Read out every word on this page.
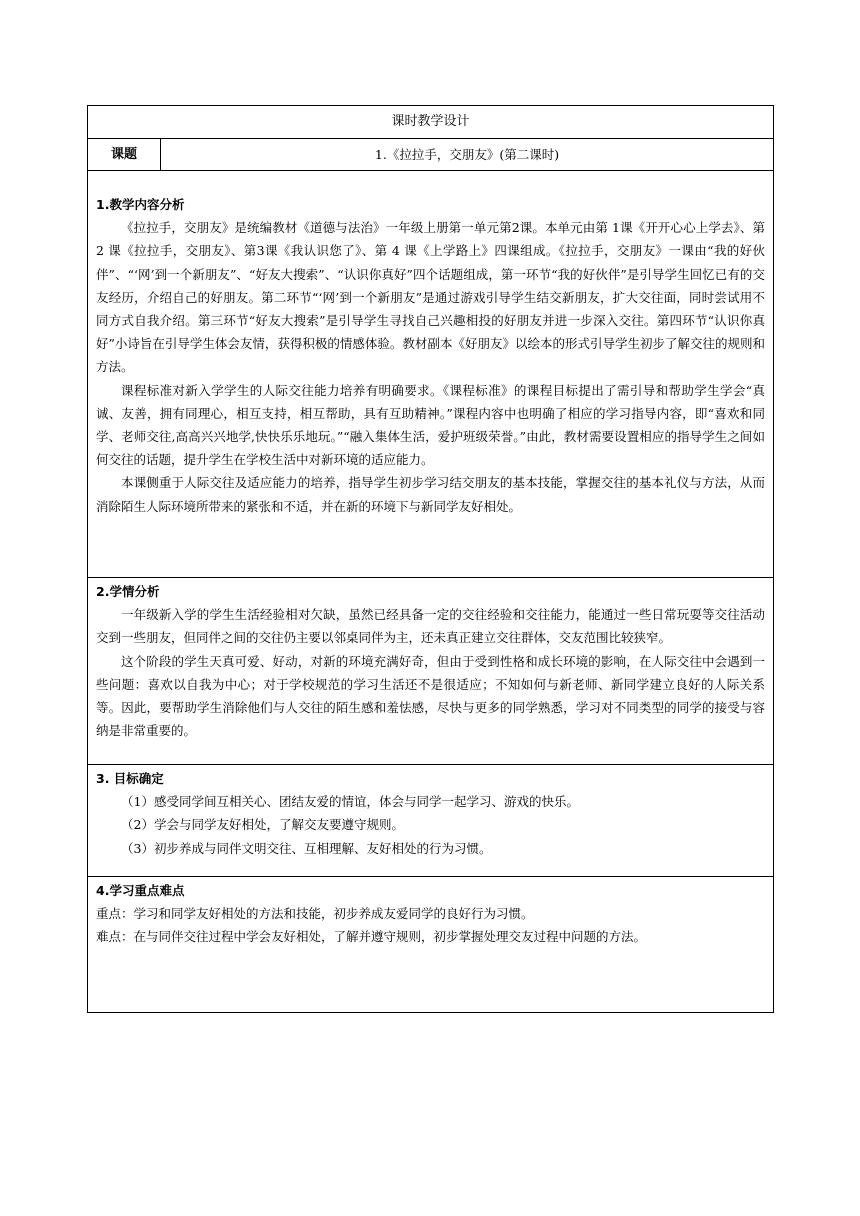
课时教学设计
课题	1.《拉拉手，交朋友》(第二课时)
1.教学内容分析

《拉拉手，交朋友》是统编教材《道德与法治》一年级上册第一单元第2课。本单元由第 1课《开开心心上学去》、第 2 课《拉拉手，交朋友》、第3课《我认识您了》、第 4 课《上学路上》四课组成。《拉拉手，交朋友》一课由“我的好伙伴”、“‘网’到一个新朋友”、“好友大搜索”、“认识你真好”四个话题组成，第一环节“我的好伙伴”是引导学生回忆已有的交友经历，介绍自己的好朋友。第二环节“‘网’到一个新朋友”是通过游戏引导学生结交新朋友，扩大交往面，同时尝试用不同方式自我介绍。第三环节“好友大搜索”是引导学生寻找自己兴趣相投的好朋友并进一步深入交往。第四环节“认识你真好”小诗旨在引导学生体会友情，获得积极的情感体验。教材副本《好朋友》以绘本的形式引导学生初步了解交往的规则和方法。

课程标准对新入学学生的人际交往能力培养有明确要求。《课程标准》的课程目标提出了需引导和帮助学生学会“真诚、友善，拥有同理心，相互支持，相互帮助，具有互助精神。”课程内容中也明确了相应的学习指导内容，即“喜欢和同学、老师交往,高高兴兴地学,快快乐乐地玩。”“融入集体生活，爱护班级荣誉。”由此，教材需要设置相应的指导学生之间如何交往的话题，提升学生在学校生活中对新环境的适应能力。

本课侧重于人际交往及适应能力的培养，指导学生初步学习结交朋友的基本技能，掌握交往的基本礼仪与方法，从而消除陌生人际环境所带来的紧张和不适，并在新的环境下与新同学友好相处。

2.学情分析

一年级新入学的学生生活经验相对欠缺，虽然已经具备一定的交往经验和交往能力，能通过一些日常玩耍等交往活动交到一些朋友，但同伴之间的交往仍主要以邻桌同伴为主，还未真正建立交往群体，交友范围比较狭窄。

这个阶段的学生天真可爱、好动，对新的环境充满好奇，但由于受到性格和成长环境的影响，在人际交往中会遇到一些问题：喜欢以自我为中心；对于学校规范的学习生活还不是很适应；不知如何与新老师、新同学建立良好的人际关系等。因此，要帮助学生消除他们与人交往的陌生感和羞怯感，尽快与更多的同学熟悉，学习对不同类型的同学的接受与容纳是非常重要的。

3. 目标确定

（1）感受同学间互相关心、团结友爱的情谊，体会与同学一起学习、游戏的快乐。

（2）学会与同学友好相处，了解交友要遵守规则。

（3）初步养成与同伴文明交往、互相理解、友好相处的行为习惯。

4.学习重点难点

重点：学习和同学友好相处的方法和技能，初步养成友爱同学的良好行为习惯。

难点：在与同伴交往过程中学会友好相处，了解并遵守规则，初步掌握处理交友过程中问题的方法。
